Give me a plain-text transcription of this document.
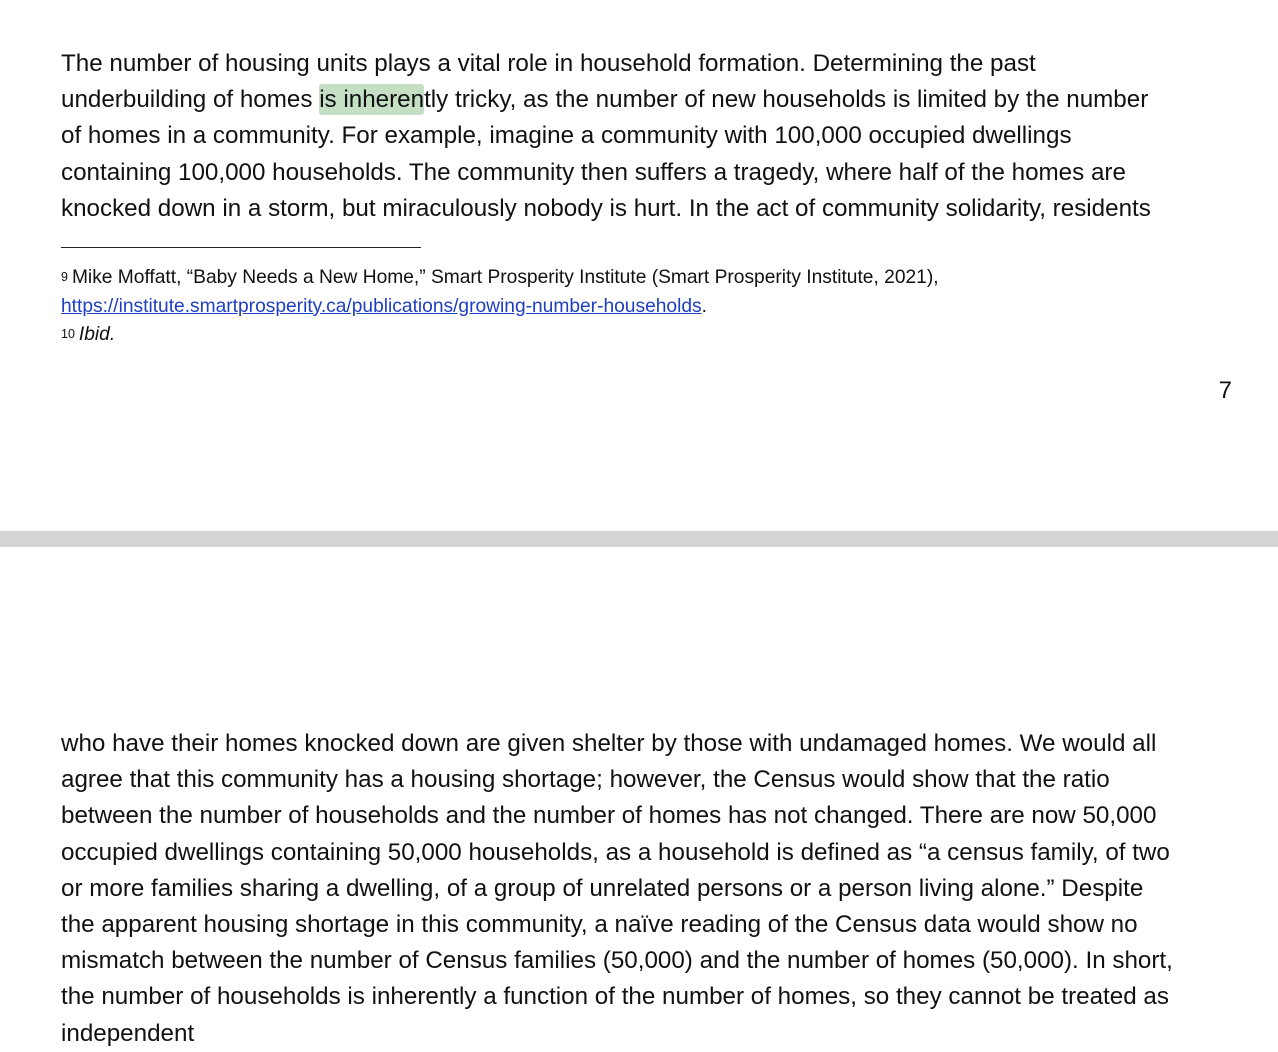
The number of housing units plays a vital role in household formation. Determining the past
underbuilding of homes is inherently tricky, as the number of new households is limited by the number
of homes in a community. For example, imagine a community with 100,000 occupied dwellings
containing 100,000 households. The community then suffers a tragedy, where half of the homes are
knocked down in a storm, but miraculously nobody is hurt. In the act of community solidarity, residents

$^9$ Mike Moffatt, “Baby Needs a New Home,” Smart Prosperity Institute (Smart Prosperity Institute, 2021),
https://institute.smartprosperity.ca/publications/growing-number-households.
$^{10}$ Ibid.
7

who have their homes knocked down are given shelter by those with undamaged homes. We would all
agree that this community has a housing shortage; however, the Census would show that the ratio
between the number of households and the number of homes has not changed. There are now 50,000
occupied dwellings containing 50,000 households, as a household is defined as “a census family, of two
or more families sharing a dwelling, of a group of unrelated persons or a person living alone.” Despite
the apparent housing shortage in this community, a naïve reading of the Census data would show no
mismatch between the number of Census families (50,000) and the number of homes (50,000). In short,
the number of households is inherently a function of the number of homes, so they cannot be treated as
independent
